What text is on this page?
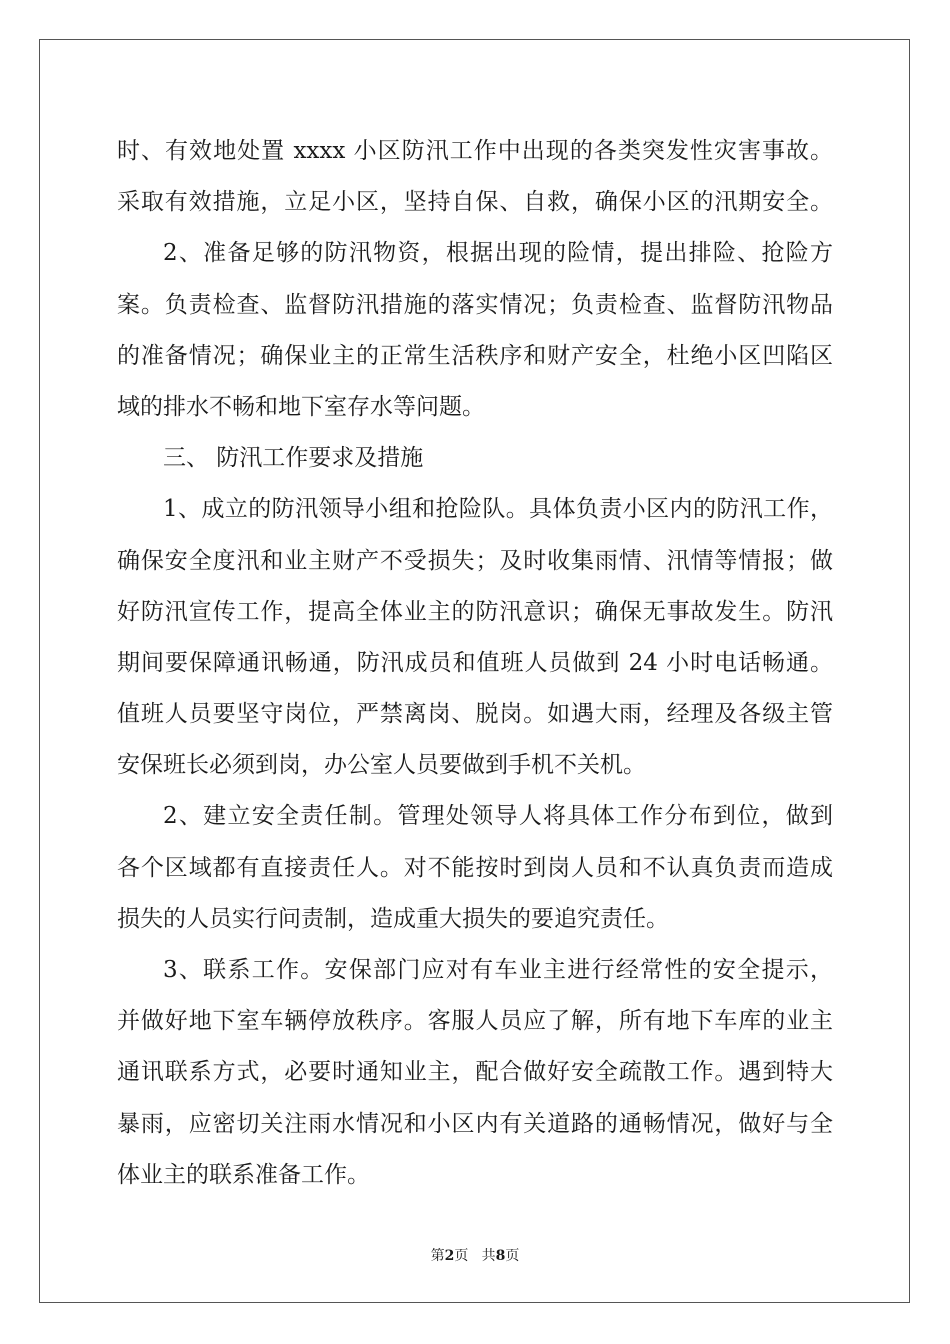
时、有效地处置 xxxx 小区防汛工作中出现的各类突发性灾害事故。
采取有效措施，立足小区，坚持自保、自救，确保小区的汛期安全。
2、准备足够的防汛物资，根据出现的险情，提出排险、抢险方
案。负责检查、监督防汛措施的落实情况；负责检查、监督防汛物品
的准备情况；确保业主的正常生活秩序和财产安全，杜绝小区凹陷区
域的排水不畅和地下室存水等问题。
三、 防汛工作要求及措施
1、成立的防汛领导小组和抢险队。具体负责小区内的防汛工作，
确保安全度汛和业主财产不受损失；及时收集雨情、汛情等情报；做
好防汛宣传工作，提高全体业主的防汛意识；确保无事故发生。防汛
期间要保障通讯畅通，防汛成员和值班人员做到 24 小时电话畅通。
值班人员要坚守岗位，严禁离岗、脱岗。如遇大雨，经理及各级主管
安保班长必须到岗，办公室人员要做到手机不关机。
2、建立安全责任制。管理处领导人将具体工作分布到位，做到
各个区域都有直接责任人。对不能按时到岗人员和不认真负责而造成
损失的人员实行问责制，造成重大损失的要追究责任。
3、联系工作。安保部门应对有车业主进行经常性的安全提示，
并做好地下室车辆停放秩序。客服人员应了解，所有地下车库的业主
通讯联系方式，必要时通知业主，配合做好安全疏散工作。遇到特大
暴雨，应密切关注雨水情况和小区内有关道路的通畅情况，做好与全
体业主的联系准备工作。
第2页 共8页
